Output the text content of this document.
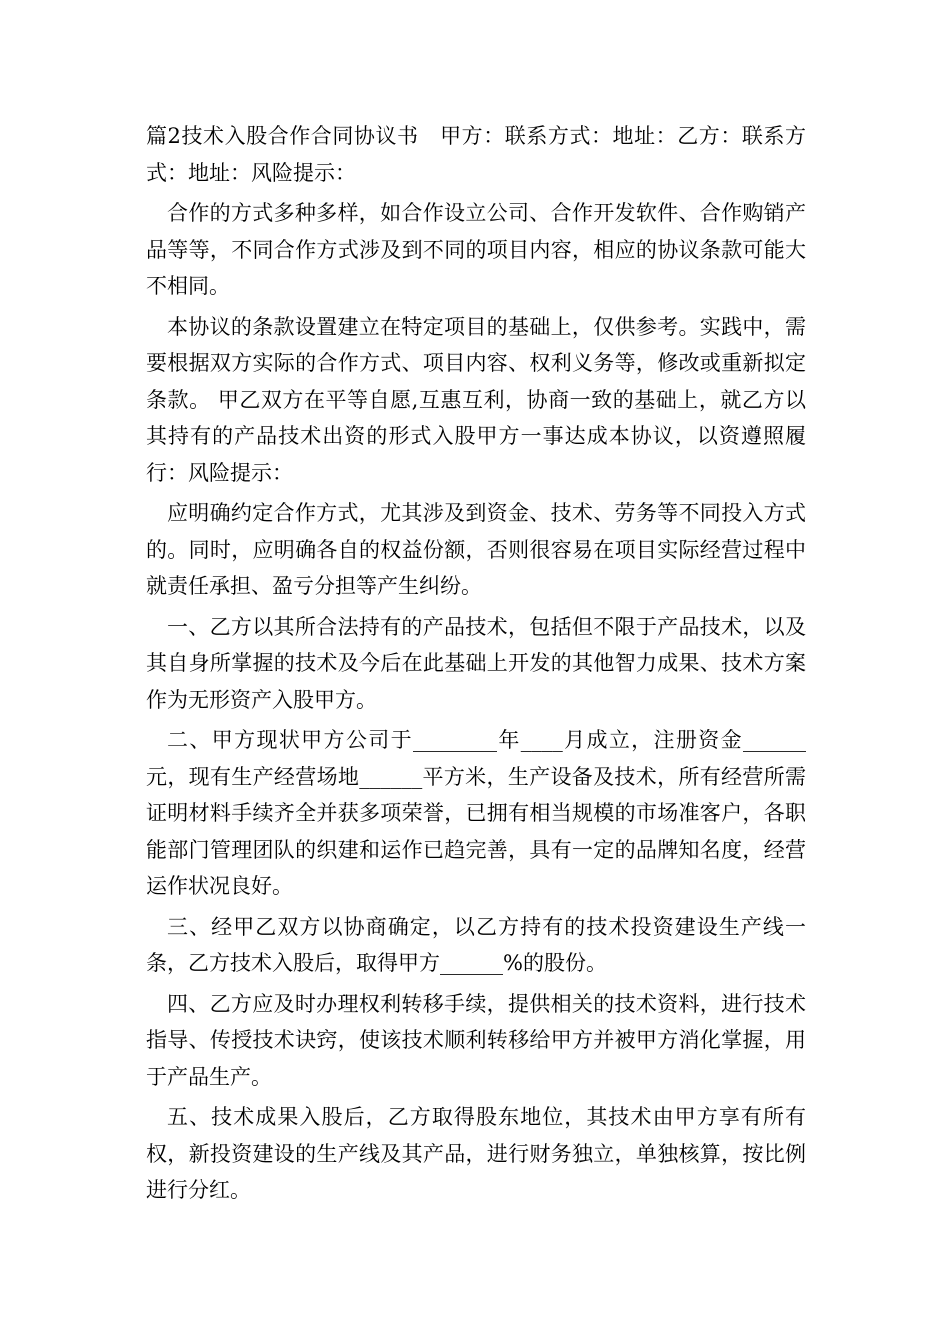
篇2技术入股合作合同协议书　甲方：联系方式：地址：乙方：联系方式：地址：风险提示：

合作的方式多种多样，如合作设立公司、合作开发软件、合作购销产品等等，不同合作方式涉及到不同的项目内容，相应的协议条款可能大不相同。

本协议的条款设置建立在特定项目的基础上，仅供参考。实践中，需要根据双方实际的合作方式、项目内容、权利义务等，修改或重新拟定条款。 甲乙双方在平等自愿,互惠互利，协商一致的基础上，就乙方以其持有的产品技术出资的形式入股甲方一事达成本协议，以资遵照履行：风险提示：

应明确约定合作方式，尤其涉及到资金、技术、劳务等不同投入方式的。同时，应明确各自的权益份额，否则很容易在项目实际经营过程中就责任承担、盈亏分担等产生纠纷。

一、乙方以其所合法持有的产品技术，包括但不限于产品技术，以及其自身所掌握的技术及今后在此基础上开发的其他智力成果、技术方案作为无形资产入股甲方。

二、甲方现状甲方公司于________年____月成立，注册资金______元，现有生产经营场地______平方米，生产设备及技术，所有经营所需证明材料手续齐全并获多项荣誉，已拥有相当规模的市场准客户，各职能部门管理团队的织建和运作已趋完善，具有一定的品牌知名度，经营运作状况良好。

三、经甲乙双方以协商确定，以乙方持有的技术投资建设生产线一条，乙方技术入股后，取得甲方______%的股份。

四、乙方应及时办理权利转移手续，提供相关的技术资料，进行技术指导、传授技术诀窍，使该技术顺利转移给甲方并被甲方消化掌握，用于产品生产。

五、技术成果入股后，乙方取得股东地位，其技术由甲方享有所有权，新投资建设的生产线及其产品，进行财务独立，单独核算，按比例进行分红。
